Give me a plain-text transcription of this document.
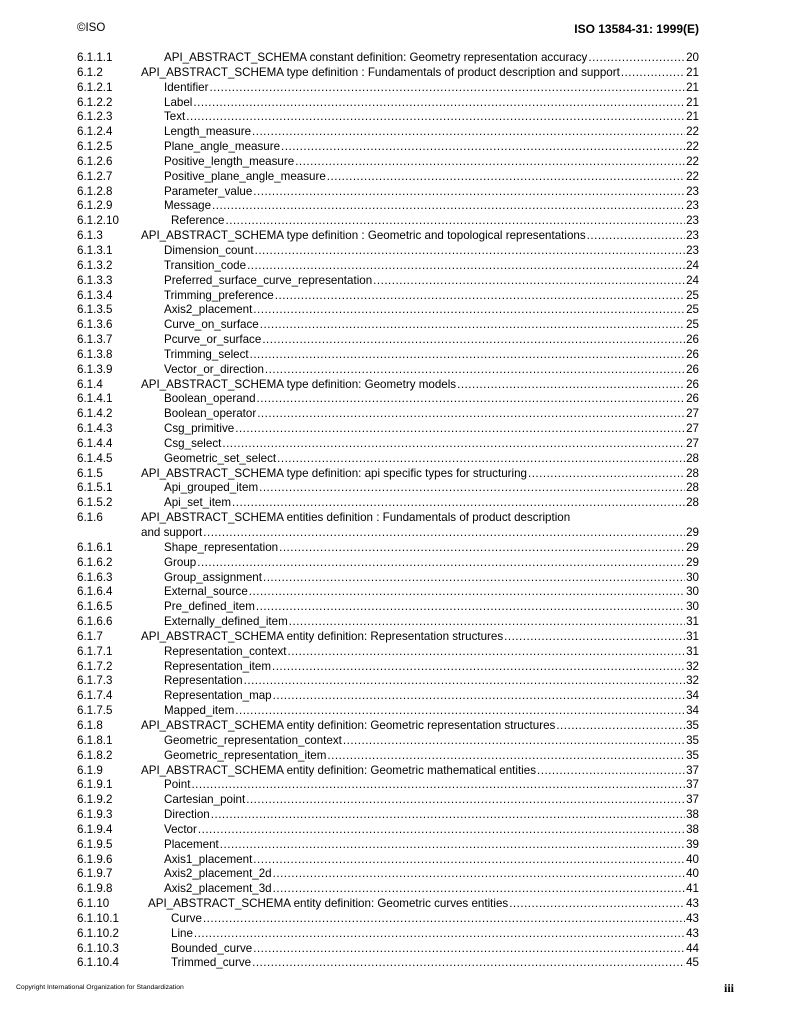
©ISO	ISO 13584-31: 1999(E)
6.1.1.1	API_ABSTRACT_SCHEMA constant definition: Geometry representation accuracy .....	20
6.1.2	API_ABSTRACT_SCHEMA type definition : Fundamentals of product description and support .....	21
6.1.2.1	Identifier .....	21
6.1.2.2	Label .....	21
6.1.2.3	Text .....	21
6.1.2.4	Length_measure .....	22
6.1.2.5	Plane_angle_measure .....	22
6.1.2.6	Positive_length_measure .....	22
6.1.2.7	Positive_plane_angle_measure .....	22
6.1.2.8	Parameter_value .....	23
6.1.2.9	Message .....	23
6.1.2.10	Reference .....	23
6.1.3	API_ABSTRACT_SCHEMA type definition : Geometric and topological representations .....	23
6.1.3.1	Dimension_count .....	23
6.1.3.2	Transition_code .....	24
6.1.3.3	Preferred_surface_curve_representation .....	24
6.1.3.4	Trimming_preference .....	25
6.1.3.5	Axis2_placement .....	25
6.1.3.6	Curve_on_surface .....	25
6.1.3.7	Pcurve_or_surface .....	26
6.1.3.8	Trimming_select .....	26
6.1.3.9	Vector_or_direction .....	26
6.1.4	API_ABSTRACT_SCHEMA type definition: Geometry models .....	26
6.1.4.1	Boolean_operand .....	26
6.1.4.2	Boolean_operator .....	27
6.1.4.3	Csg_primitive .....	27
6.1.4.4	Csg_select .....	27
6.1.4.5	Geometric_set_select .....	28
6.1.5	API_ABSTRACT_SCHEMA type definition: api specific types for structuring .....	28
6.1.5.1	Api_grouped_item .....	28
6.1.5.2	Api_set_item .....	28
6.1.6	API_ABSTRACT_SCHEMA entities definition : Fundamentals of product description
and support .....	29
6.1.6.1	Shape_representation .....	29
6.1.6.2	Group .....	29
6.1.6.3	Group_assignment .....	30
6.1.6.4	External_source .....	30
6.1.6.5	Pre_defined_item .....	30
6.1.6.6	Externally_defined_item .....	31
6.1.7	API_ABSTRACT_SCHEMA entity definition: Representation structures .....	31
6.1.7.1	Representation_context .....	31
6.1.7.2	Representation_item .....	32
6.1.7.3	Representation .....	32
6.1.7.4	Representation_map .....	34
6.1.7.5	Mapped_item .....	34
6.1.8	API_ABSTRACT_SCHEMA entity definition: Geometric representation structures .....	35
6.1.8.1	Geometric_representation_context .....	35
6.1.8.2	Geometric_representation_item .....	35
6.1.9	API_ABSTRACT_SCHEMA entity definition: Geometric mathematical entities .....	37
6.1.9.1	Point .....	37
6.1.9.2	Cartesian_point .....	37
6.1.9.3	Direction .....	38
6.1.9.4	Vector .....	38
6.1.9.5	Placement .....	39
6.1.9.6	Axis1_placement .....	40
6.1.9.7	Axis2_placement_2d .....	40
6.1.9.8	Axis2_placement_3d .....	41
6.1.10	API_ABSTRACT_SCHEMA entity definition: Geometric curves entities .....	43
6.1.10.1	Curve .....	43
6.1.10.2	Line .....	43
6.1.10.3	Bounded_curve .....	44
6.1.10.4	Trimmed_curve .....	45
Copyright International Organization for Standardization	iii
